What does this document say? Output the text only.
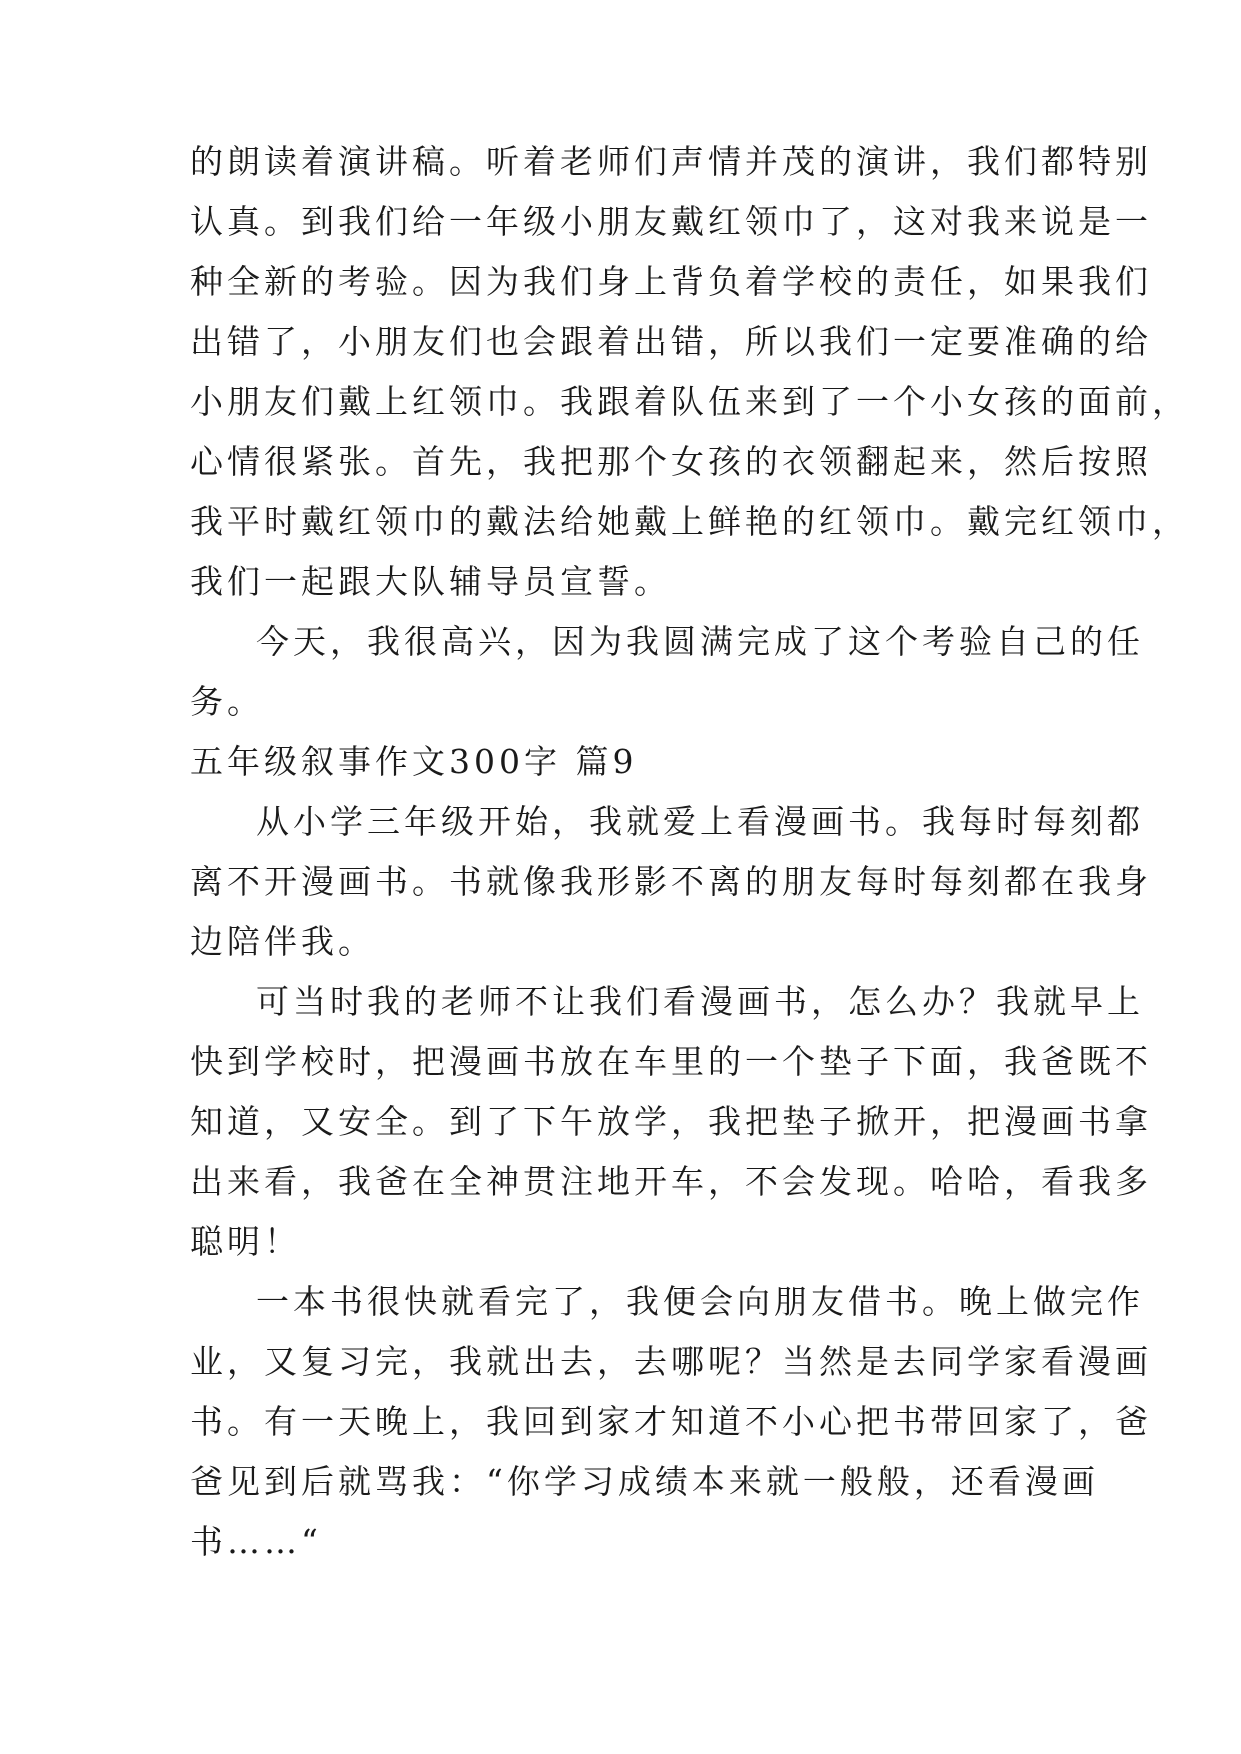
的朗读着演讲稿。听着老师们声情并茂的演讲，我们都特别
认真。到我们给一年级小朋友戴红领巾了，这对我来说是一
种全新的考验。因为我们身上背负着学校的责任，如果我们
出错了，小朋友们也会跟着出错，所以我们一定要准确的给
小朋友们戴上红领巾。我跟着队伍来到了一个小女孩的面前，
心情很紧张。首先，我把那个女孩的衣领翻起来，然后按照
我平时戴红领巾的戴法给她戴上鲜艳的红领巾。戴完红领巾，
我们一起跟大队辅导员宣誓。
今天，我很高兴，因为我圆满完成了这个考验自己的任
务。
五年级叙事作文300字 篇9
从小学三年级开始，我就爱上看漫画书。我每时每刻都
离不开漫画书。书就像我形影不离的朋友每时每刻都在我身
边陪伴我。
可当时我的老师不让我们看漫画书，怎么办？我就早上
快到学校时，把漫画书放在车里的一个垫子下面，我爸既不
知道，又安全。到了下午放学，我把垫子掀开，把漫画书拿
出来看，我爸在全神贯注地开车，不会发现。哈哈，看我多
聪明！
一本书很快就看完了，我便会向朋友借书。晚上做完作
业，又复习完，我就出去，去哪呢？当然是去同学家看漫画
书。有一天晚上，我回到家才知道不小心把书带回家了，爸
爸见到后就骂我：“你学习成绩本来就一般般，还看漫画
书……“
